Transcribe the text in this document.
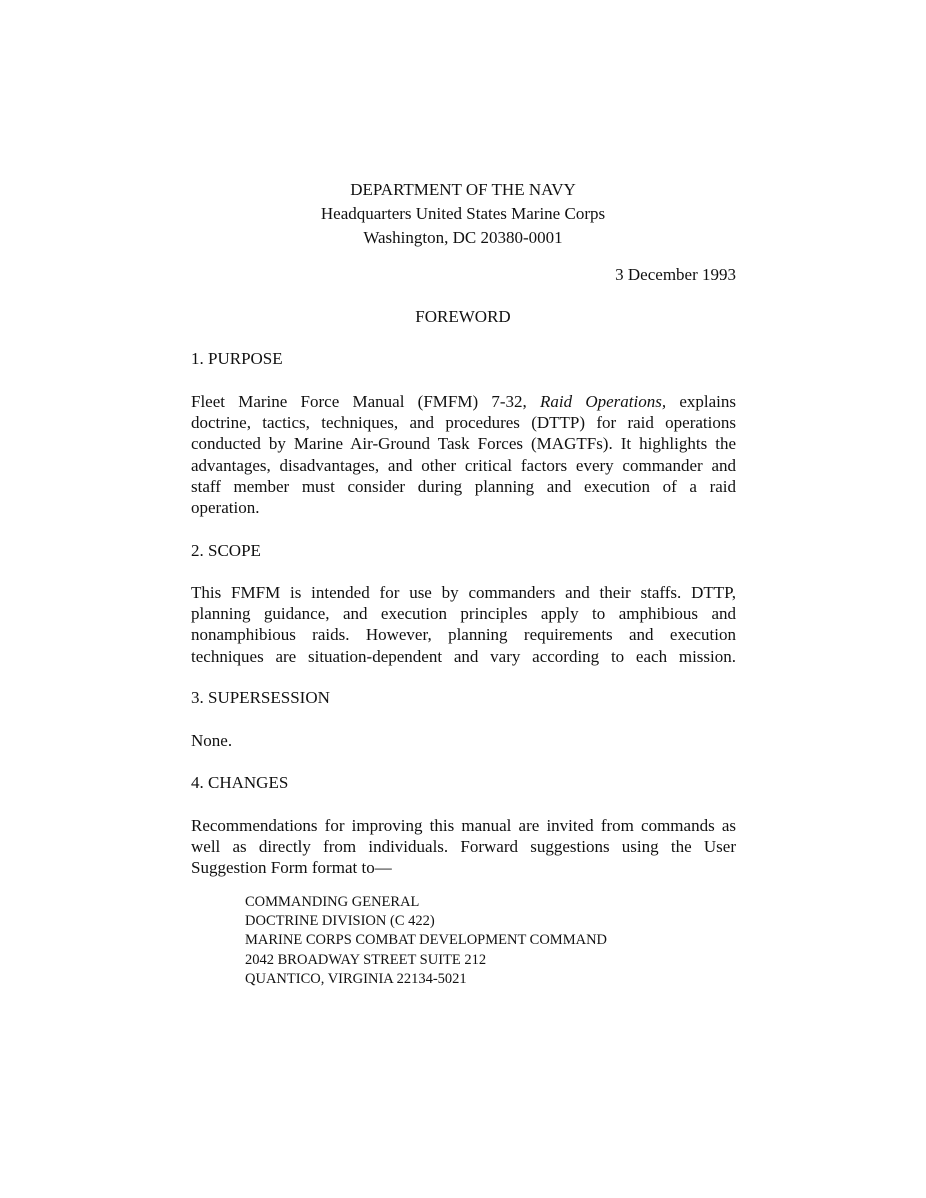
DEPARTMENT OF THE NAVY
Headquarters United States Marine Corps
Washington, DC 20380-0001
3 December 1993
FOREWORD
1. PURPOSE
Fleet Marine Force Manual (FMFM) 7-32, Raid Operations, explains
doctrine, tactics, techniques, and procedures (DTTP) for raid operations
conducted by Marine Air-Ground Task Forces (MAGTFs). It highlights the
advantages, disadvantages, and other critical factors every commander and
staff member must consider during planning and execution of a raid
operation.
2. SCOPE
This FMFM is intended for use by commanders and their staffs. DTTP,
planning guidance, and execution principles apply to amphibious and
nonamphibious raids. However, planning requirements and execution
techniques are situation-dependent and vary according to each mission.
3. SUPERSESSION
None.
4. CHANGES
Recommendations for improving this manual are invited from commands as
well as directly from individuals. Forward suggestions using the User
Suggestion Form format to—
COMMANDING GENERAL
DOCTRINE DIVISION (C 422)
MARINE CORPS COMBAT DEVELOPMENT COMMAND
2042 BROADWAY STREET SUITE 212
QUANTICO, VIRGINIA 22134-5021
